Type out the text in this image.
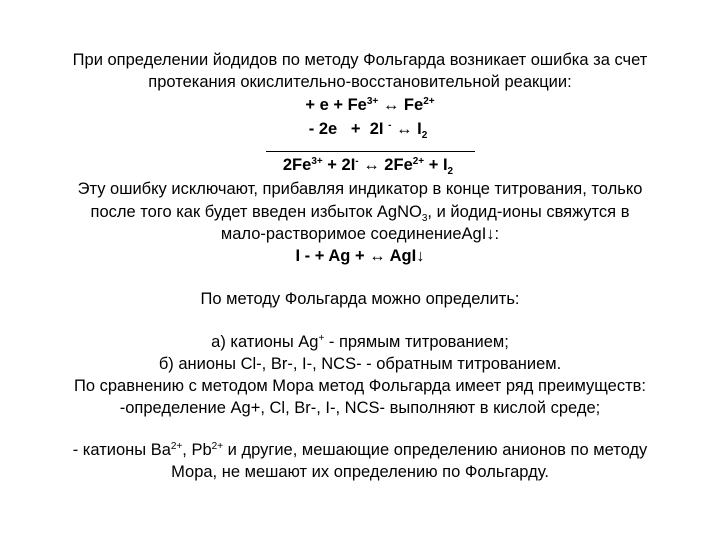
При определении йодидов по методу Фольгарда возникает ошибка за счет
протекания окислительно-восстановительной реакции:
+ $е + Fe^{3+}$ ↔ $Fe^{2+}$
- 2e   +  2I - ↔ $I_2$
$2Fe^{3+} + 2I^-$ ↔ $2Fe^{2+} + I_2$
Эту ошибку исключают, прибавляя индикатор в конце титрования, только
после того как будет введен избыток AgNO$_3$, и йодид-ионы свяжутся в
мало-растворимое соединениеAgI↓:
I - + Ag + ↔ AgI↓
По методу Фольгарда можно определить:
а) катионы Ag+ - прямым титрованием;
б) анионы Cl-, Br-, I-, NCS- - обратным титрованием.
По сравнению с методом Мора метод Фольгарда имеет ряд преимуществ:
-определение Ag+, Cl, Br-, I-, NCS- выполняют в кислой среде;
- катионы $Ba^{2+}$, $Pb^{2+}$ и другие, мешающие определению анионов по методу
Мора, не мешают их определению по Фольгарду.
